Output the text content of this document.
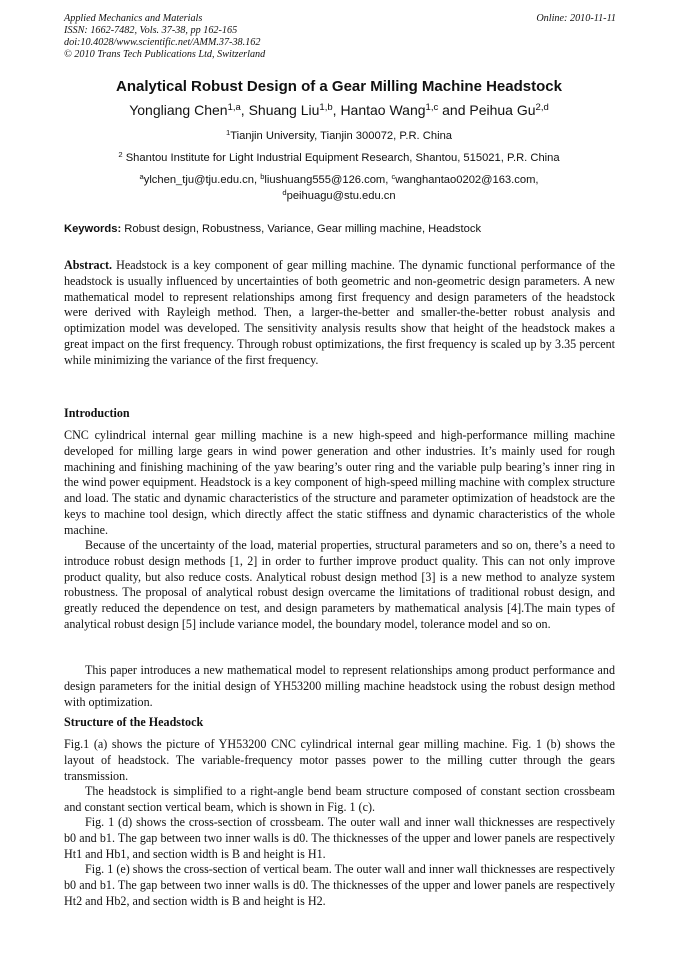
Applied Mechanics and Materials
ISSN: 1662-7482, Vols. 37-38, pp 162-165
doi:10.4028/www.scientific.net/AMM.37-38.162
© 2010 Trans Tech Publications Ltd, Switzerland
Online: 2010-11-11
Analytical Robust Design of a Gear Milling Machine Headstock
Yongliang Chen$^{1,a}$, Shuang Liu$^{1,b}$, Hantao Wang$^{1,c}$ and Peihua Gu$^{2,d}$
$^1$Tianjin University, Tianjin 300072, P.R. China
$^2$ Shantou Institute for Light Industrial Equipment Research, Shantou, 515021, P.R. China
$^a$ylchen_tju@tju.edu.cn, $^b$liushuang555@126.com, $^c$wanghantao0202@163.com,
$^d$peihuagu@stu.edu.cn
Keywords: Robust design, Robustness, Variance, Gear milling machine, Headstock
Abstract. Headstock is a key component of gear milling machine. The dynamic functional performance of the headstock is usually influenced by uncertainties of both geometric and non-geometric design parameters. A new mathematical model to represent relationships among first frequency and design parameters of the headstock were derived with Rayleigh method. Then, a larger-the-better and smaller-the-better robust analysis and optimization model was developed. The sensitivity analysis results show that height of the headstock makes a great impact on the first frequency. Through robust optimizations, the first frequency is scaled up by 3.35 percent while minimizing the variance of the first frequency.
Introduction
CNC cylindrical internal gear milling machine is a new high-speed and high-performance milling machine developed for milling large gears in wind power generation and other industries. It’s mainly used for rough machining and finishing machining of the yaw bearing’s outer ring and the variable pulp bearing’s inner ring in the wind power equipment. Headstock is a key component of high-speed milling machine with complex structure and load. The static and dynamic characteristics of the structure and parameter optimization of headstock are the keys to machine tool design, which directly affect the static stiffness and dynamic characteristics of the whole machine.
Because of the uncertainty of the load, material properties, structural parameters and so on, there’s a need to introduce robust design methods [1, 2] in order to further improve product quality. This can not only improve product quality, but also reduce costs. Analytical robust design method [3] is a new method to analyze system robustness. The proposal of analytical robust design overcame the limitations of traditional robust design, and greatly reduced the dependence on test, and design parameters by mathematical analysis [4].The main types of analytical robust design [5] include variance model, the boundary model, tolerance model and so on.
This paper introduces a new mathematical model to represent relationships among product performance and design parameters for the initial design of YH53200 milling machine headstock using the robust design method with optimization.
Structure of the Headstock
Fig.1 (a) shows the picture of YH53200 CNC cylindrical internal gear milling machine. Fig. 1 (b) shows the layout of headstock. The variable-frequency motor passes power to the milling cutter through the gears transmission.
The headstock is simplified to a right-angle bend beam structure composed of constant section crossbeam and constant section vertical beam, which is shown in Fig. 1 (c).
Fig. 1 (d) shows the cross-section of crossbeam. The outer wall and inner wall thicknesses are respectively b0 and b1. The gap between two inner walls is d0. The thicknesses of the upper and lower panels are respectively Ht1 and Hb1, and section width is B and height is H1.
Fig. 1 (e) shows the cross-section of vertical beam. The outer wall and inner wall thicknesses are respectively b0 and b1. The gap between two inner walls is d0. The thicknesses of the upper and lower panels are respectively Ht2 and Hb2, and section width is B and height is H2.
